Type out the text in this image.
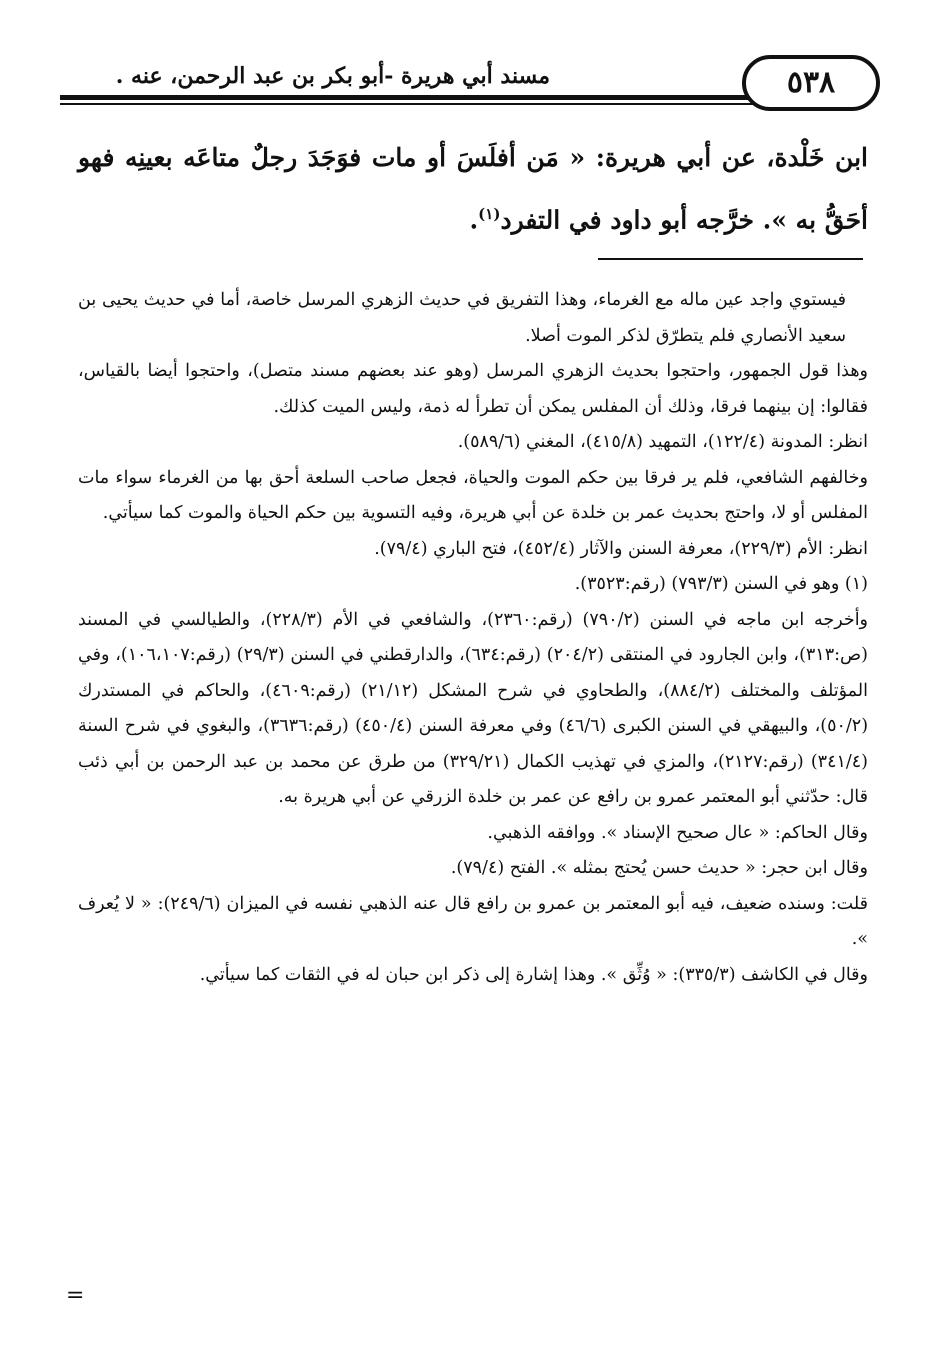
مسند أبي هريرة -أبو بكر بن عبد الرحمن، عنه .	٥٣٨
ابن خَلْدة، عن أبي هريرة: « مَن أفلَسَ أو مات فوَجَدَ رجلٌ متاعَه بعينِه فهو أحَقُّ به ». خرَّجه أبو داود في التفرد$^{(١)}$.

فيستوي واجد عين ماله مع الغرماء، وهذا التفريق في حديث الزهري المرسل خاصة، أما في حديث يحيى بن سعيد الأنصاري فلم يتطرّق لذكر الموت أصلا.

وهذا قول الجمهور، واحتجوا بحديث الزهري المرسل (وهو عند بعضهم مسند متصل)، واحتجوا أيضا بالقياس، فقالوا: إن بينهما فرقا، وذلك أن المفلس يمكن أن تطرأ له ذمة، وليس الميت كذلك.

انظر: المدونة (١٢٢/٤)، التمهيد (٤١٥/٨)، المغني (٥٨٩/٦).

وخالفهم الشافعي، فلم ير فرقا بين حكم الموت والحياة، فجعل صاحب السلعة أحق بها من الغرماء سواء مات المفلس أو لا، واحتج بحديث عمر بن خلدة عن أبي هريرة، وفيه التسوية بين حكم الحياة والموت كما سيأتي.

انظر: الأم (٢٢٩/٣)، معرفة السنن والآثار (٤٥٢/٤)، فتح الباري (٧٩/٤).

(١) وهو في السنن (٧٩٣/٣) (رقم:٣٥٢٣).

وأخرجه ابن ماجه في السنن (٧٩٠/٢) (رقم:٢٣٦٠)، والشافعي في الأم (٢٢٨/٣)، والطيالسي في المسند (ص:٣١٣)، وابن الجارود في المنتقى (٢٠٤/٢) (رقم:٦٣٤)، والدارقطني في السنن (٢٩/٣) (رقم:١٠٦،١٠٧)، وفي المؤتلف والمختلف (٨٨٤/٢)، والطحاوي في شرح المشكل (٢١/١٢) (رقم:٤٦٠٩)، والحاكم في المستدرك (٥٠/٢)، والبيهقي في السنن الكبرى (٤٦/٦) وفي معرفة السنن (٤٥٠/٤) (رقم:٣٦٣٦)، والبغوي في شرح السنة (٣٤١/٤) (رقم:٢١٢٧)، والمزي في تهذيب الكمال (٣٢٩/٢١) من طرق عن محمد بن عبد الرحمن بن أبي ذئب قال: حدّثني أبو المعتمر عمرو بن رافع عن عمر بن خلدة الزرقي عن أبي هريرة به.

وقال الحاكم: « عال صحيح الإسناد ». ووافقه الذهبي.

وقال ابن حجر: « حديث حسن يُحتج بمثله ». الفتح (٧٩/٤).

قلت: وسنده ضعيف، فيه أبو المعتمر بن عمرو بن رافع قال عنه الذهبي نفسه في الميزان (٢٤٩/٦): « لا يُعرف ».

وقال في الكاشف (٣٣٥/٣): « وُثِّق ». وهذا إشارة إلى ذكر ابن حبان له في الثقات كما سيأتي.

=
